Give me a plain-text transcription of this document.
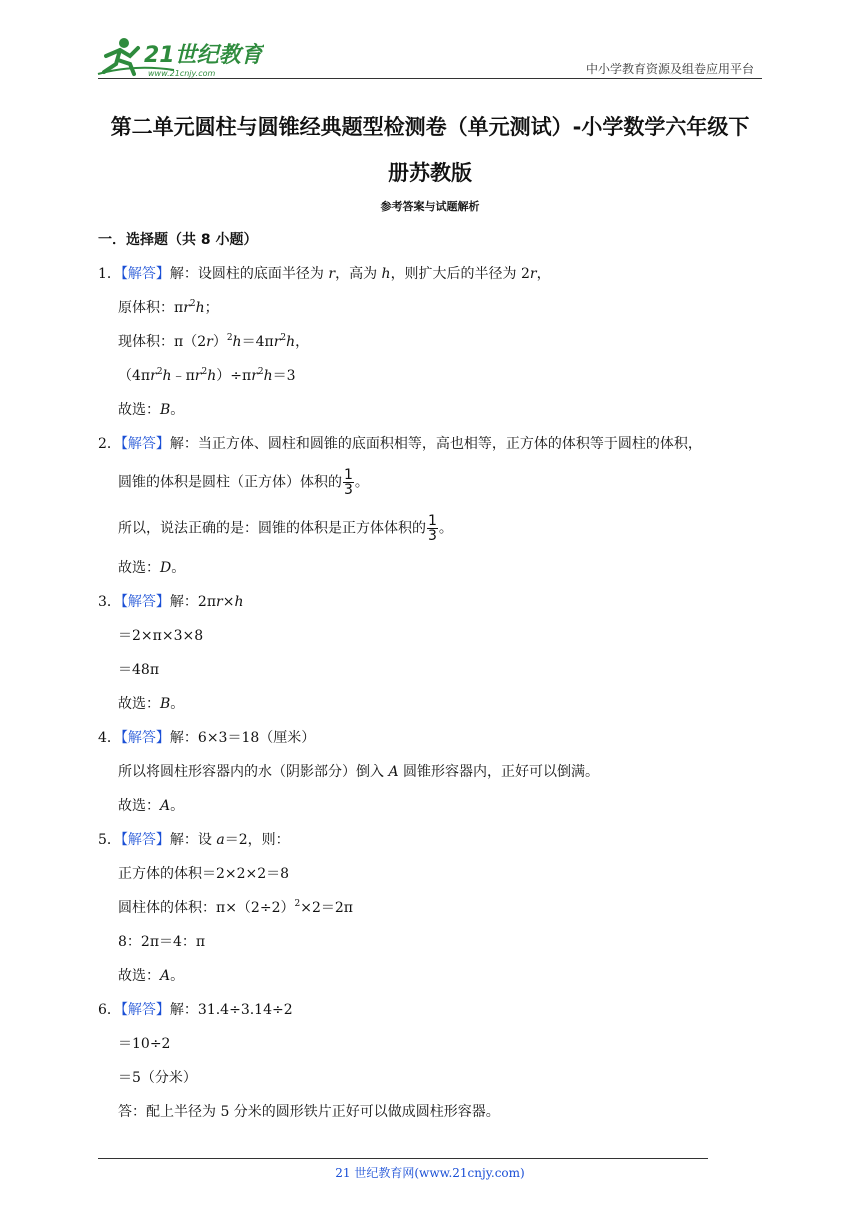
21世纪教育
www.21cnjy.com	中小学教育资源及组卷应用平台
第二单元圆柱与圆锥经典题型检测卷（单元测试）-小学数学六年级下
册苏教版
参考答案与试题解析
一．选择题（共 8 小题）
1．【解答】解：设圆柱的底面半径为 r，高为 h，则扩大后的半径为 2r，
原体积：$\pi r^2h$；
现体积：$\pi(2r)^2h=4\pi r^2h$，
$(4\pi r^2h﹣\pi r^2h)\div\pi r^2h=3$
故选：B。
2．【解答】解：当正方体、圆柱和圆锥的底面积相等，高也相等，正方体的体积等于圆柱的体积，
圆锥的体积是圆柱（正方体）体积的 $\frac{1}{3}$ 。
所以，说法正确的是：圆锥的体积是正方体体积的 $\frac{1}{3}$ 。
故选：D。
3．【解答】解：2πr×h
＝2×π×3×8
＝48π
故选：B。
4．【解答】解：6×3＝18（厘米）
所以将圆柱形容器内的水（阴影部分）倒入 A 圆锥形容器内，正好可以倒满。
故选：A。
5．【解答】解：设 a＝2，则：
正方体的体积＝2×2×2＝8
圆柱体的体积：$\pi\times(2\div 2)^2\times 2=2\pi$
8：2π＝4：π
故选：A。
6．【解答】解：31.4÷3.14÷2
＝10÷2
＝5（分米）
答：配上半径为 5 分米的圆形铁片正好可以做成圆柱形容器。
21 世纪教育网(www.21cnjy.com)
